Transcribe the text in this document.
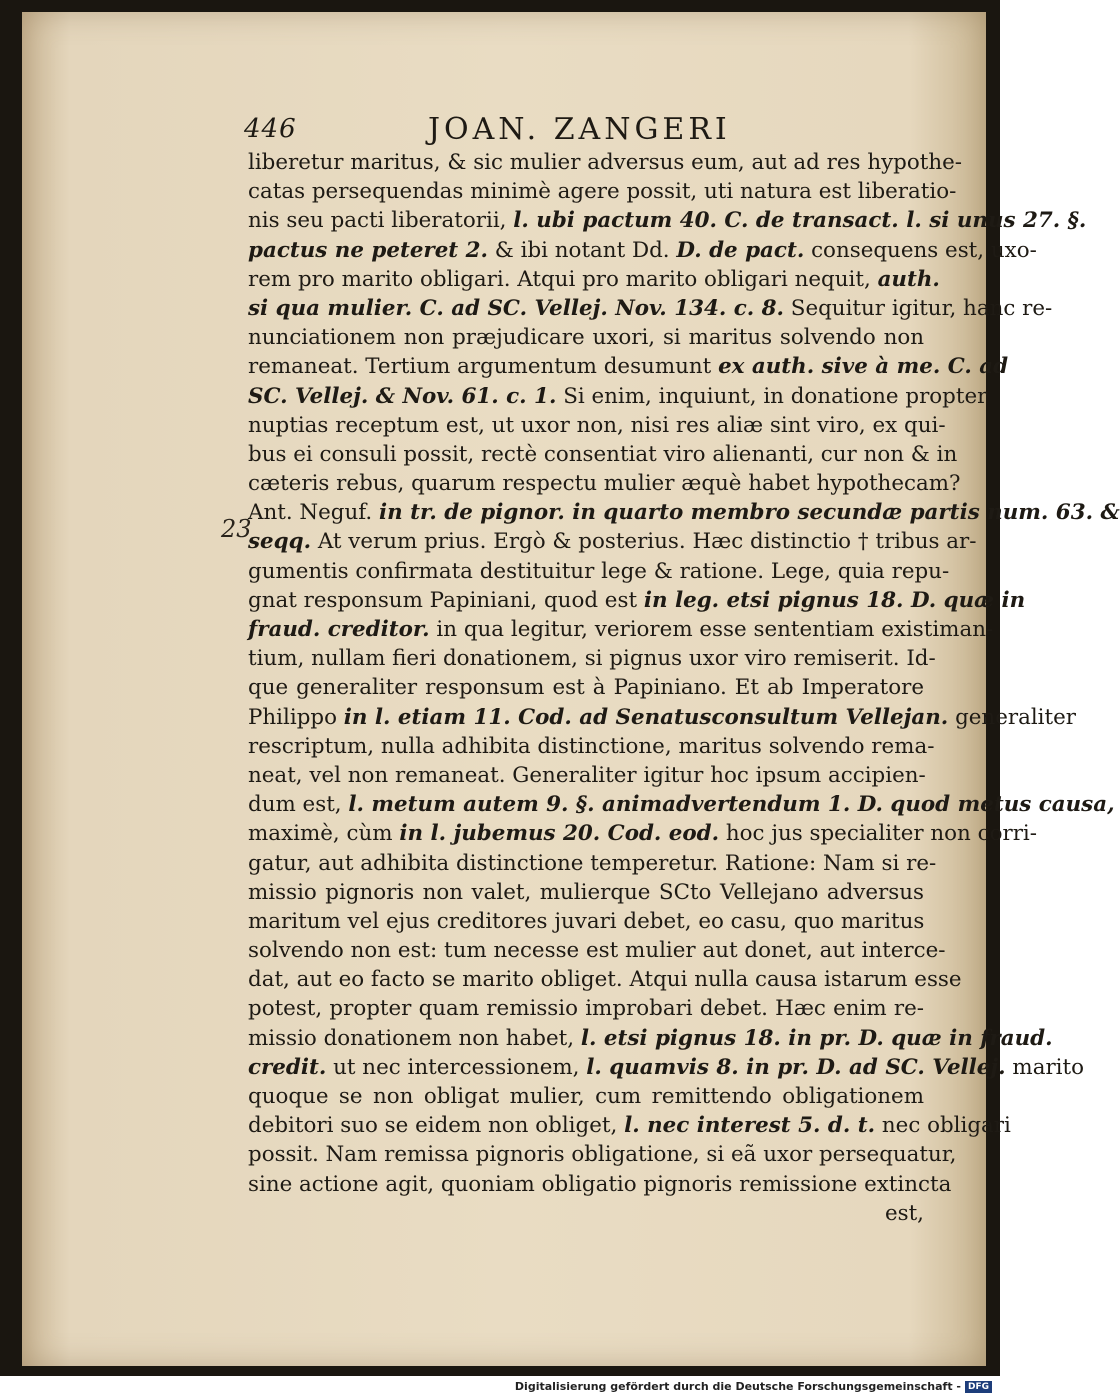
23
446	JOAN. ZANGERI
liberetur maritus, & sic mulier adversus eum, aut ad res hypothe-
catas persequendas minimè agere possit, uti natura est liberatio-
nis seu pacti liberatorii, l. ubi pactum 40. C. de transact. l. si unus 27. §.
pactus ne peteret 2. & ibi notant Dd. D. de pact. consequens est, uxo-
rem pro marito obligari. Atqui pro marito obligari nequit, auth.
si qua mulier. C. ad SC. Vellej. Nov. 134. c. 8. Sequitur igitur, hanc re-
nunciationem non præjudicare uxori, si maritus solvendo non
remaneat. Tertium argumentum desumunt ex auth. sive à me. C. ad
SC. Vellej. & Nov. 61. c. 1. Si enim, inquiunt, in donatione propter
nuptias receptum est, ut uxor non, nisi res aliæ sint viro, ex qui-
bus ei consuli possit, rectè consentiat viro alienanti, cur non & in
cæteris rebus, quarum respectu mulier æquè habet hypothecam?
Ant. Neguf. in tr. de pignor. in quarto membro secundæ partis num. 63. &
seqq. At verum prius. Ergò & posterius. Hæc distinctio † tribus ar-
gumentis confirmata destituitur lege & ratione. Lege, quia repu-
gnat responsum Papiniani, quod est in leg. etsi pignus 18. D. quæ in
fraud. creditor. in qua legitur, veriorem esse sententiam existiman-
tium, nullam fieri donationem, si pignus uxor viro remiserit. Id-
que generaliter responsum est à Papiniano. Et ab Imperatore
Philippo in l. etiam 11. Cod. ad Senatusconsultum Vellejan. generaliter
rescriptum, nulla adhibita distinctione, maritus solvendo rema-
neat, vel non remaneat. Generaliter igitur hoc ipsum accipien-
dum est, l. metum autem 9. §. animadvertendum 1. D. quod metus causa,
maximè, cùm in l. jubemus 20. Cod. eod. hoc jus specialiter non corri-
gatur, aut adhibita distinctione temperetur. Ratione: Nam si re-
missio pignoris non valet, mulierque SCto Vellejano adversus
maritum vel ejus creditores juvari debet, eo casu, quo maritus
solvendo non est: tum necesse est mulier aut donet, aut interce-
dat, aut eo facto se marito obliget. Atqui nulla causa istarum esse
potest, propter quam remissio improbari debet. Hæc enim re-
missio donationem non habet, l. etsi pignus 18. in pr. D. quæ in fraud.
credit. ut nec intercessionem, l. quamvis 8. in pr. D. ad SC. Vellej. marito
quoque se non obligat mulier, cum remittendo obligationem
debitori suo se eidem non obliget, l. nec interest 5. d. t. nec obligari
possit. Nam remissa pignoris obligatione, si eã uxor persequatur,
sine actione agit, quoniam obligatio pignoris remissione extincta
est,
Digitalisierung gefördert durch die Deutsche Forschungsgemeinschaft - DFG
